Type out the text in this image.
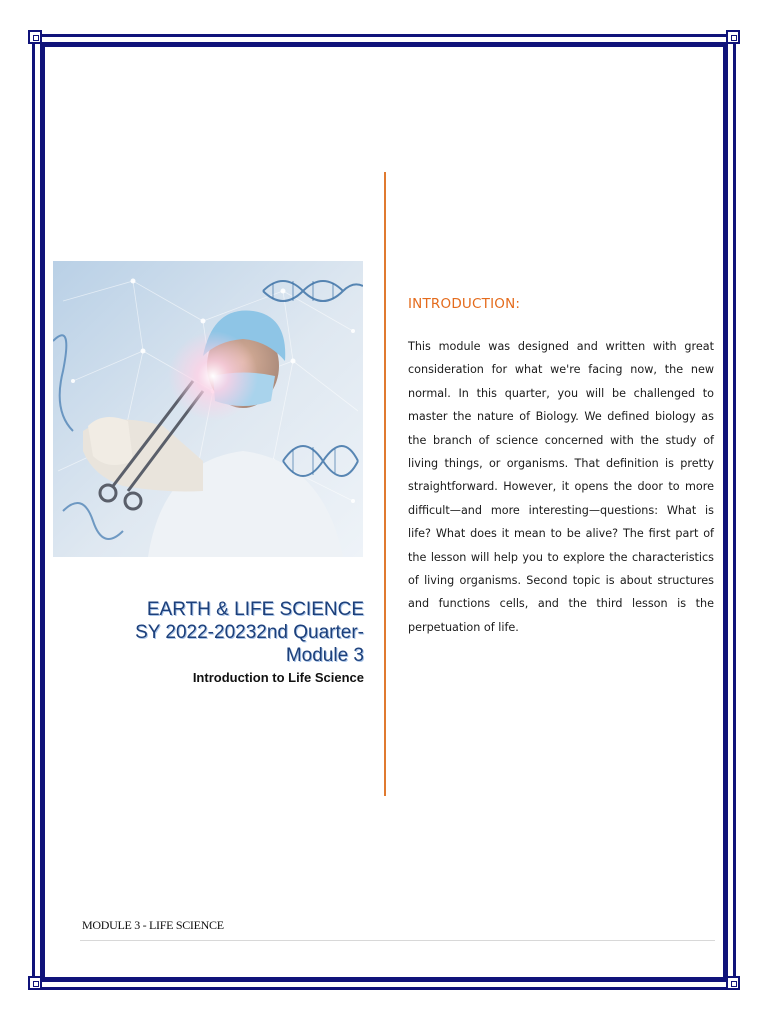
EARTH & LIFE SCIENCE
SY 2022-20232nd Quarter-
Module 3
Introduction to Life Science
INTRODUCTION:
This module was designed and written with great consideration for what we're facing now, the new normal. In this quarter, you will be challenged to master the nature of Biology. We defined biology as the branch of science concerned with the study of living things, or organisms. That definition is pretty straightforward. However, it opens the door to more difficult—and more interesting—questions: What is life? What does it mean to be alive? The first part of the lesson will help you to explore the characteristics of living organisms. Second topic is about structures and functions cells, and the third lesson is the perpetuation of life.
MODULE 3 - LIFE SCIENCE
